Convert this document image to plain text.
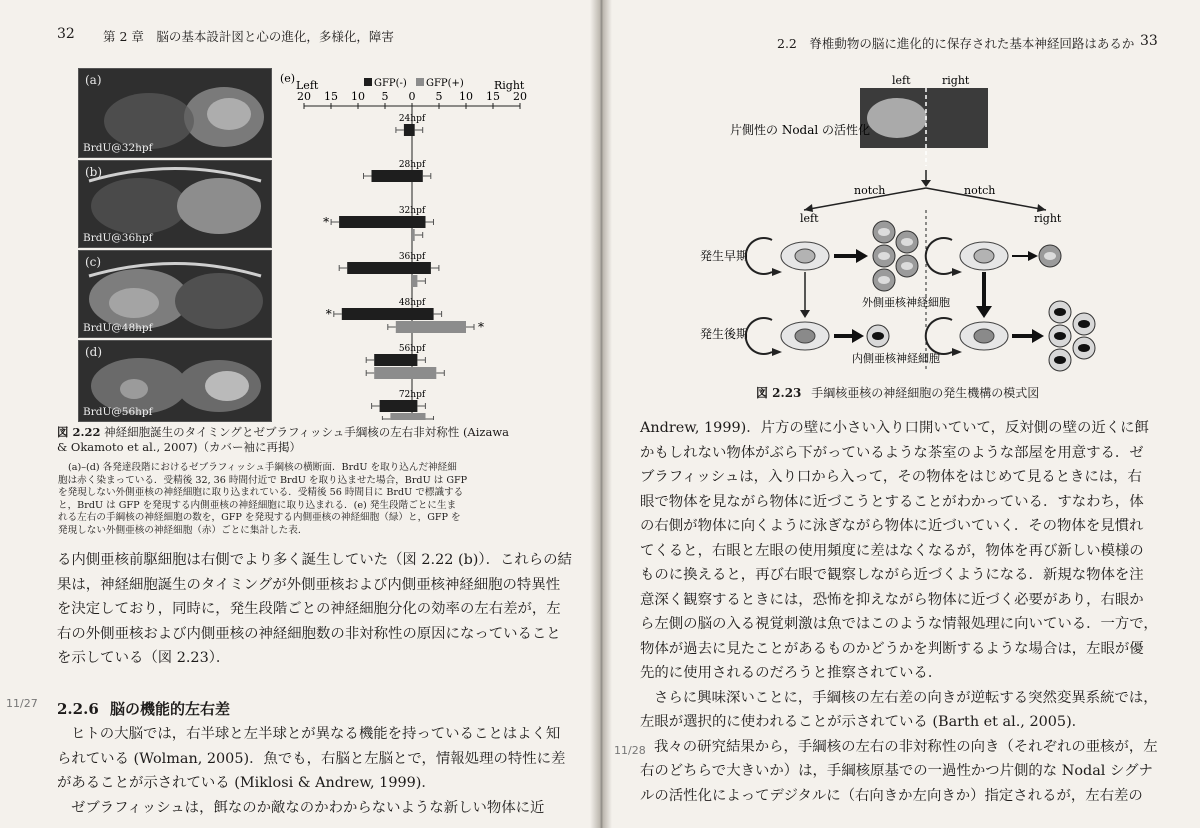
32 第 2 章　脳の基本設計図と心の進化，多様化，障害
(a)
BrdU@32hpf
(b)
BrdU@36hpf
(c)
BrdU@48hpf
(d)
BrdU@56hpf
(e)
Left	Right
GFP(-) GFP(+)
20 15 10 5 0 5 10 15 20
24hpf
28hpf
32hpf
36hpf
48hpf
56hpf
72hpf
*
*
*
図 2.22 神経細胞誕生のタイミングとゼブラフィッシュ手綱核の左右非対称性 (Aizawa
& Okamoto et al., 2007)（カバー袖に再掲）
(a)–(d) 各発達段階におけるゼブラフィッシュ手綱核の横断面．BrdU を取り込んだ神経細
胞は赤く染まっている．受精後 32, 36 時間付近で BrdU を取り込ませた場合，BrdU は GFP
を発現しない外側亜核の神経細胞に取り込まれている．受精後 56 時間目に BrdU で標識する
と，BrdU は GFP を発現する内側亜核の神経細胞に取り込まれる．(e) 発生段階ごとに生ま
れる左右の手綱核の神経細胞の数を，GFP を発現する内側亜核の神経細胞（緑）と，GFP を
発現しない外側亜核の神経細胞（赤）ごとに集計した表．
る内側亜核前駆細胞は右側でより多く誕生していた（図 2.22 (b)）．これらの結
果は，神経細胞誕生のタイミングが外側亜核および内側亜核神経細胞の特異性
を決定しており，同時に，発生段階ごとの神経細胞分化の効率の左右差が，左
右の外側亜核および内側亜核の神経細胞数の非対称性の原因になっていること
を示している（図 2.23）．
11/27 2.2.6 脳の機能的左右差
ヒトの大脳では，右半球と左半球とが異なる機能を持っていることはよく知
られている (Wolman, 2005)．魚でも，右脳と左脳とで，情報処理の特性に差
があることが示されている (Miklosi & Andrew, 1999)．
ゼブラフィッシュは，餌なのか敵なのかわからないような新しい物体に近
2.2　脊椎動物の脳に進化的に保存された基本神経回路はあるか 33
left	right
片側性の Nodal の活性化
notch	notch
left	right
発生早期
発生後期
外側亜核神経細胞
内側亜核神経細胞
図 2.23 手綱核亜核の神経細胞の発生機構の模式図
Andrew, 1999)．片方の壁に小さい入り口開いていて，反対側の壁の近くに餌
かもしれない物体がぶら下がっているような茶室のような部屋を用意する．ゼ
ブラフィッシュは，入り口から入って，その物体をはじめて見るときには，右
眼で物体を見ながら物体に近づこうとすることがわかっている．すなわち，体
の右側が物体に向くように泳ぎながら物体に近づいていく．その物体を見慣れ
てくると，右眼と左眼の使用頻度に差はなくなるが，物体を再び新しい模様の
ものに換えると，再び右眼で観察しながら近づくようになる．新規な物体を注
意深く観察するときには，恐怖を抑えながら物体に近づく必要があり，右眼か
ら左側の脳の入る視覚刺激は魚ではこのような情報処理に向いている．一方で，
物体が過去に見たことがあるものかどうかを判断するような場合は，左眼が優
先的に使用されるのだろうと推察されている．
さらに興味深いことに，手綱核の左右差の向きが逆転する突然変異系統では，
左眼が選択的に使われることが示されている (Barth et al., 2005)．
我々の研究結果から，手綱核の左右の非対称性の向き（それぞれの亜核が，左
右のどちらで大きいか）は，手綱核原基での一過性かつ片側的な Nodal シグナ
ルの活性化によってデジタルに（右向きか左向きか）指定されるが，左右差の
11/28
